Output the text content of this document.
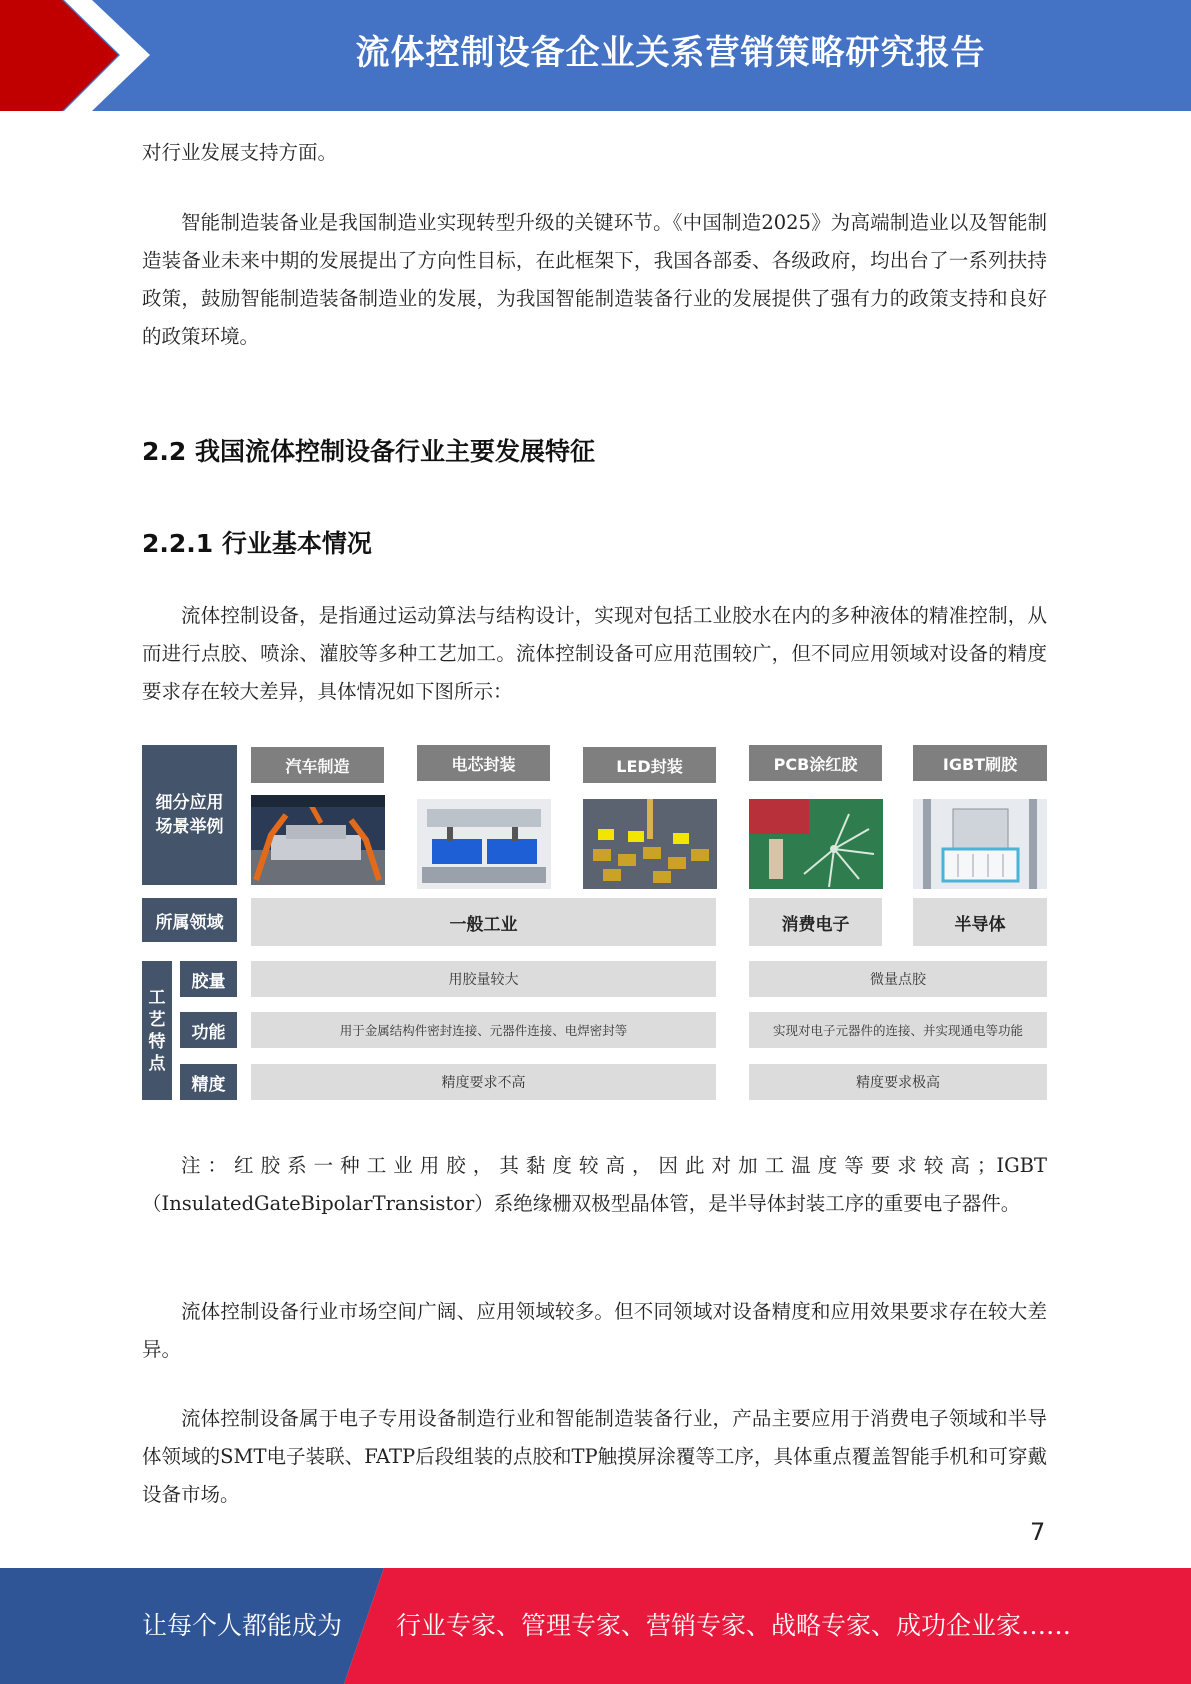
流体控制设备企业关系营销策略研究报告

对行业发展支持方面。

智能制造装备业是我国制造业实现转型升级的关键环节。《中国制造2025》为高端制造业以及智能制造装备业未来中期的发展提出了方向性目标，在此框架下，我国各部委、各级政府，均出台了一系列扶持政策，鼓励智能制造装备制造业的发展，为我国智能制造装备行业的发展提供了强有力的政策支持和良好的政策环境。

2.2 我国流体控制设备行业主要发展特征
2.2.1 行业基本情况

流体控制设备，是指通过运动算法与结构设计，实现对包括工业胶水在内的多种液体的精准控制，从而进行点胶、喷涂、灌胶等多种工艺加工。流体控制设备可应用范围较广，但不同应用领域对设备的精度要求存在较大差异，具体情况如下图所示：

细分应用场景举例
汽车制造	电芯封装	LED封装	PCB涂红胶	IGBT刷胶
所属领域	一般工业	消费电子	半导体
工艺特点
胶量	用胶量较大	微量点胶
功能	用于金属结构件密封连接、元器件连接、电焊密封等	实现对电子元器件的连接、并实现通电等功能
精度	精度要求不高	精度要求极高

注：红胶系一种工业用胶，其黏度较高，因此对加工温度等要求较高；IGBT（InsulatedGateBipolarTransistor）系绝缘栅双极型晶体管，是半导体封装工序的重要电子器件。

流体控制设备行业市场空间广阔、应用领域较多。但不同领域对设备精度和应用效果要求存在较大差异。

流体控制设备属于电子专用设备制造行业和智能制造装备行业，产品主要应用于消费电子领域和半导体领域的SMT电子装联、FATP后段组装的点胶和TP触摸屏涂覆等工序，具体重点覆盖智能手机和可穿戴设备市场。

7
让每个人都能成为 行业专家、管理专家、营销专家、战略专家、成功企业家……
